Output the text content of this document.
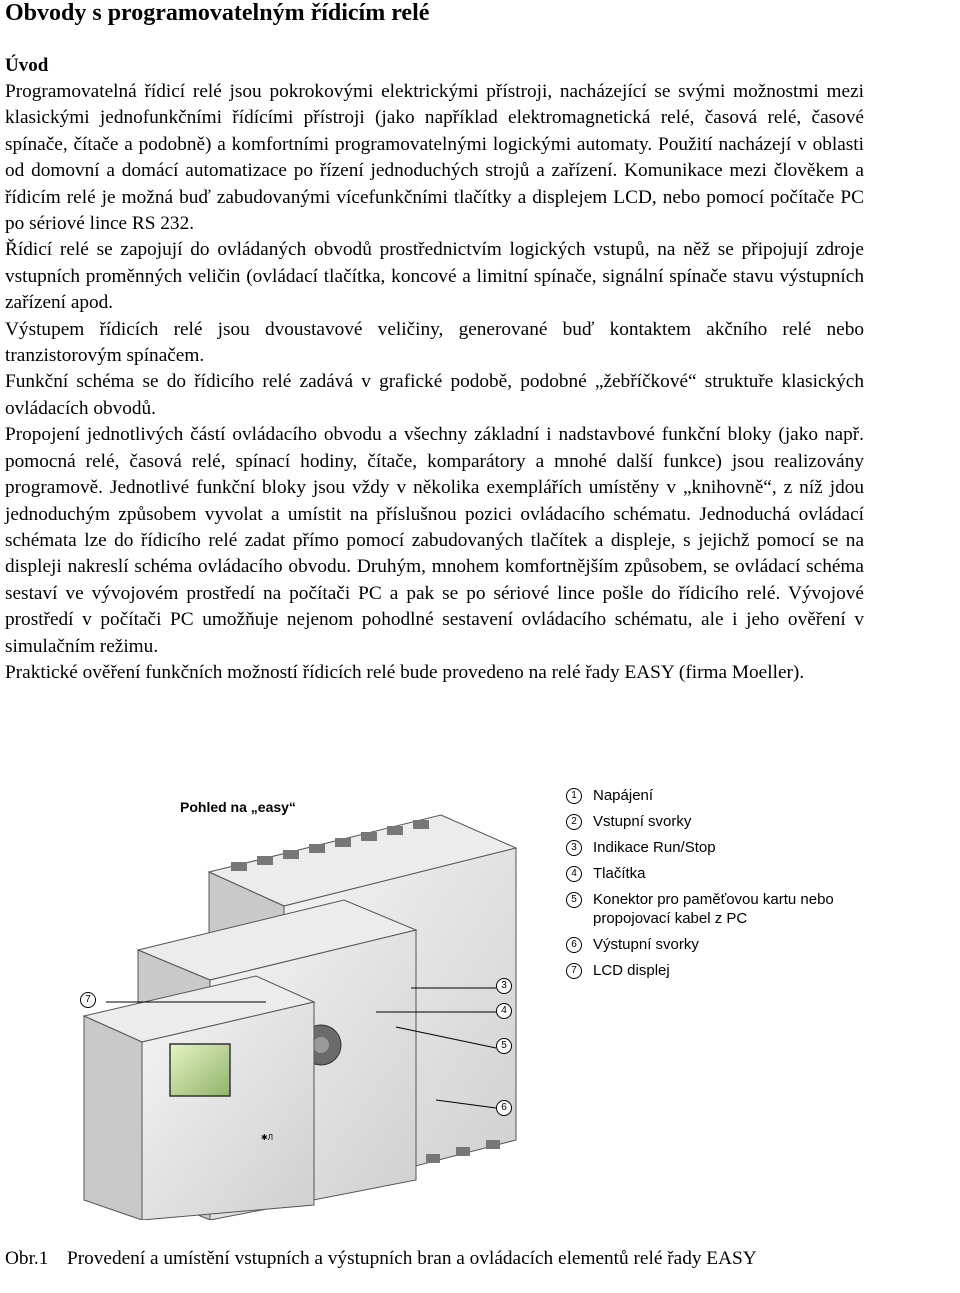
Obvody s programovatelným řídicím relé
Úvod

Programovatelná řídicí relé jsou pokrokovými elektrickými přístroji, nacházející se svými možnostmi mezi klasickými jednofunkčními řídícími přístroji (jako například elektromagnetická relé, časová relé, časové spínače, čítače a podobně) a komfortními programovatelnými logickými automaty. Použití nacházejí v oblasti od domovní a domácí automatizace po řízení jednoduchých strojů a zařízení. Komunikace mezi člověkem a řídicím relé je možná buď zabudovanými vícefunkčními tlačítky a displejem LCD, nebo pomocí počítače PC po sériové lince RS 232.

Řídicí relé se zapojují do ovládaných obvodů prostřednictvím logických vstupů, na něž se připojují zdroje vstupních proměnných veličin (ovládací tlačítka, koncové a limitní spínače, signální spínače stavu výstupních zařízení apod.

Výstupem řídicích relé jsou dvoustavové veličiny, generované buď kontaktem akčního relé nebo tranzistorovým spínačem.

Funkční schéma se do řídicího relé zadává v grafické podobě, podobné „žebříčkové“ struktuře klasických ovládacích obvodů.

Propojení jednotlivých částí ovládacího obvodu a všechny základní i nadstavbové funkční bloky (jako např. pomocná relé, časová relé, spínací hodiny, čítače, komparátory a mnohé další funkce) jsou realizovány programově. Jednotlivé funkční bloky jsou vždy v několika exemplářích umístěny v „knihovně“, z níž jdou jednoduchým způsobem vyvolat a umístit na příslušnou pozici ovládacího schématu. Jednoduchá ovládací schémata lze do řídicího relé zadat přímo pomocí zabudovaných tlačítek a displeje, s jejichž pomocí se na displeji nakreslí schéma ovládacího obvodu. Druhým, mnohem komfortnějším způsobem, se ovládací schéma sestaví ve vývojovém prostředí na počítači PC a pak se po sériové lince pošle do řídicího relé. Vývojové prostředí v počítači PC umožňuje nejenom pohodlné sestavení ovládacího schématu, ale i jeho ověření v simulačním režimu.

Praktické ověření funkčních možností řídicích relé bude provedeno na relé řady EASY (firma Moeller).

✱Л
Pohled na „easy“
7
3
4
5
6
1	Napájení
2	Vstupní svorky
3	Indikace Run/Stop
4	Tlačítka
5	Konektor pro paměťovou kartu nebo propojovací kabel z PC
6	Výstupní svorky
7	LCD displej
Obr.1 Provedení a umístění vstupních a výstupních bran a ovládacích elementů relé řady EASY
